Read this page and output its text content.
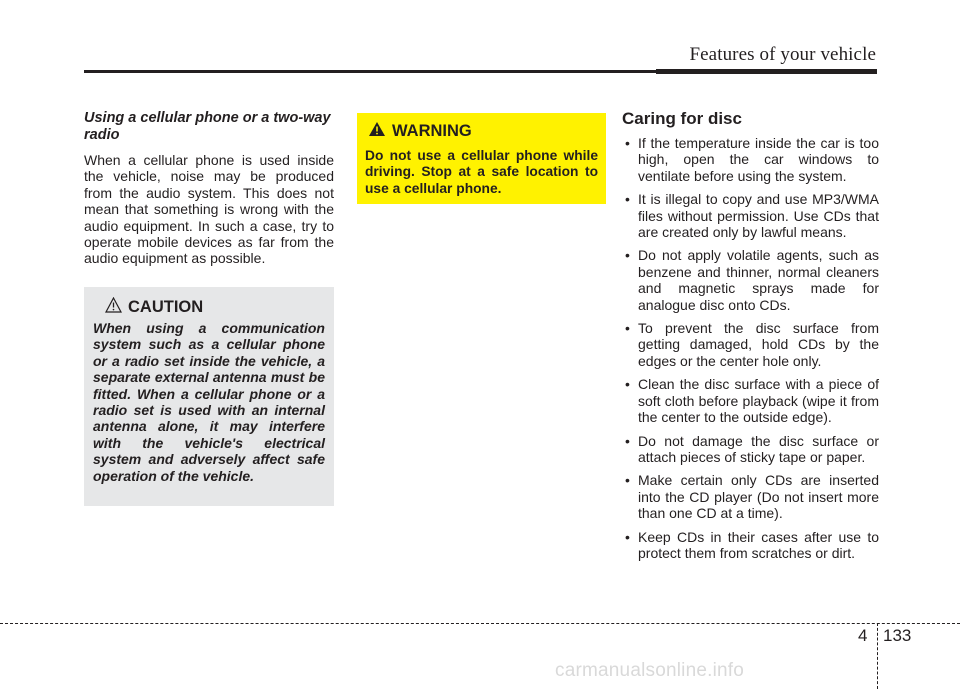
Features of your vehicle

Using a cellular phone or a two-way radio

When a cellular phone is used inside the vehicle, noise may be produced from the audio system. This does not mean that something is wrong with the audio equipment. In such a case, try to operate mobile devices as far from the audio equipment as possible.

CAUTION

When using a communication system such as a cellular phone or a radio set inside the vehicle, a separate external antenna must be fitted. When a cellular phone or a radio set is used with an internal antenna alone, it may interfere with the vehicle's electrical system and adversely affect safe operation of the vehicle.

WARNING

Do not use a cellular phone while driving. Stop at a safe location to use a cellular phone.

Caring for disc
• If the temperature inside the car is too high, open the car windows to ventilate before using the system.
• It is illegal to copy and use MP3/WMA files without permission. Use CDs that are created only by lawful means.
• Do not apply volatile agents, such as benzene and thinner, normal cleaners and magnetic sprays made for analogue disc onto CDs.
• To prevent the disc surface from getting damaged, hold CDs by the edges or the center hole only.
• Clean the disc surface with a piece of soft cloth before playback (wipe it from the center to the outside edge).
• Do not damage the disc surface or attach pieces of sticky tape or paper.
• Make certain only CDs are inserted into the CD player (Do not insert more than one CD at a time).
• Keep CDs in their cases after use to protect them from scratches or dirt.
4 133
carmanualsonline.info
